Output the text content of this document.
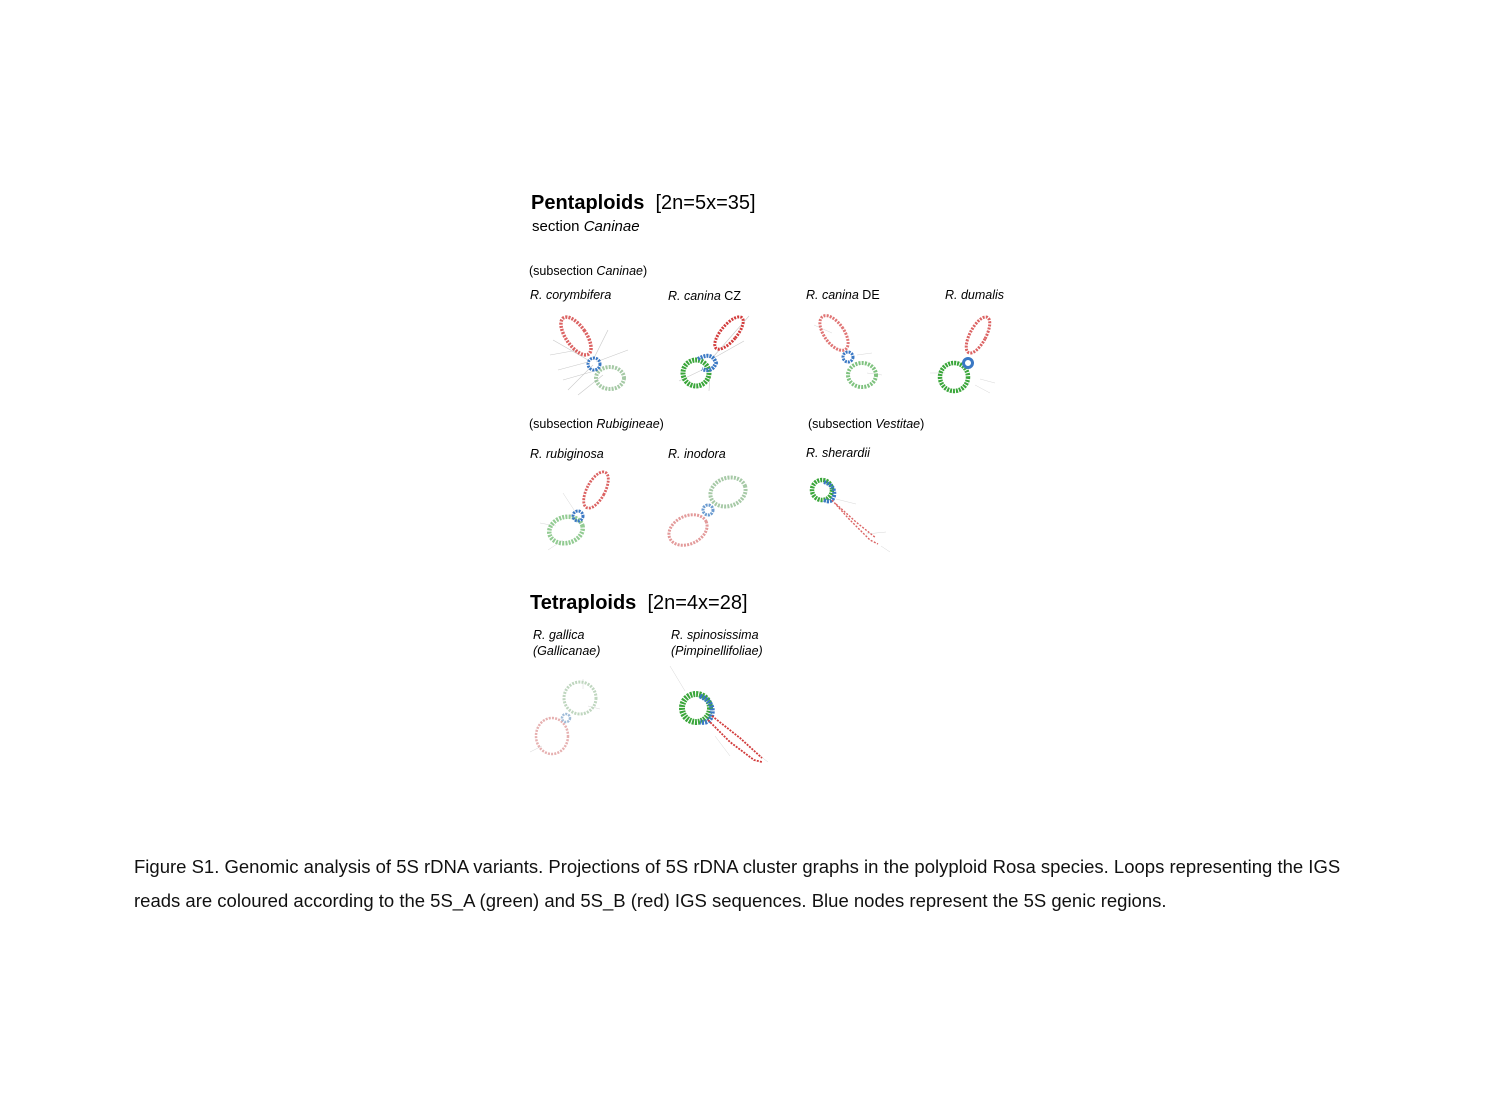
Pentaploids [2n=5x=35]
section Caninae
(subsection Caninae)
R. corymbifera	R. canina CZ	R. canina DE	R. dumalis
(subsection Rubigineae)	(subsection Vestitae)
R. rubiginosa	R. inodora	R. sherardii
Tetraploids [2n=4x=28]
R. gallica
(Gallicanae)
R. spinosissima
(Pimpinellifoliae)
Figure S1. Genomic analysis of 5S rDNA variants. Projections of 5S rDNA cluster graphs in the polyploid Rosa species. Loops representing the IGS
reads are coloured according to the 5S_A (green) and 5S_B (red) IGS sequences. Blue nodes represent the 5S genic regions.
